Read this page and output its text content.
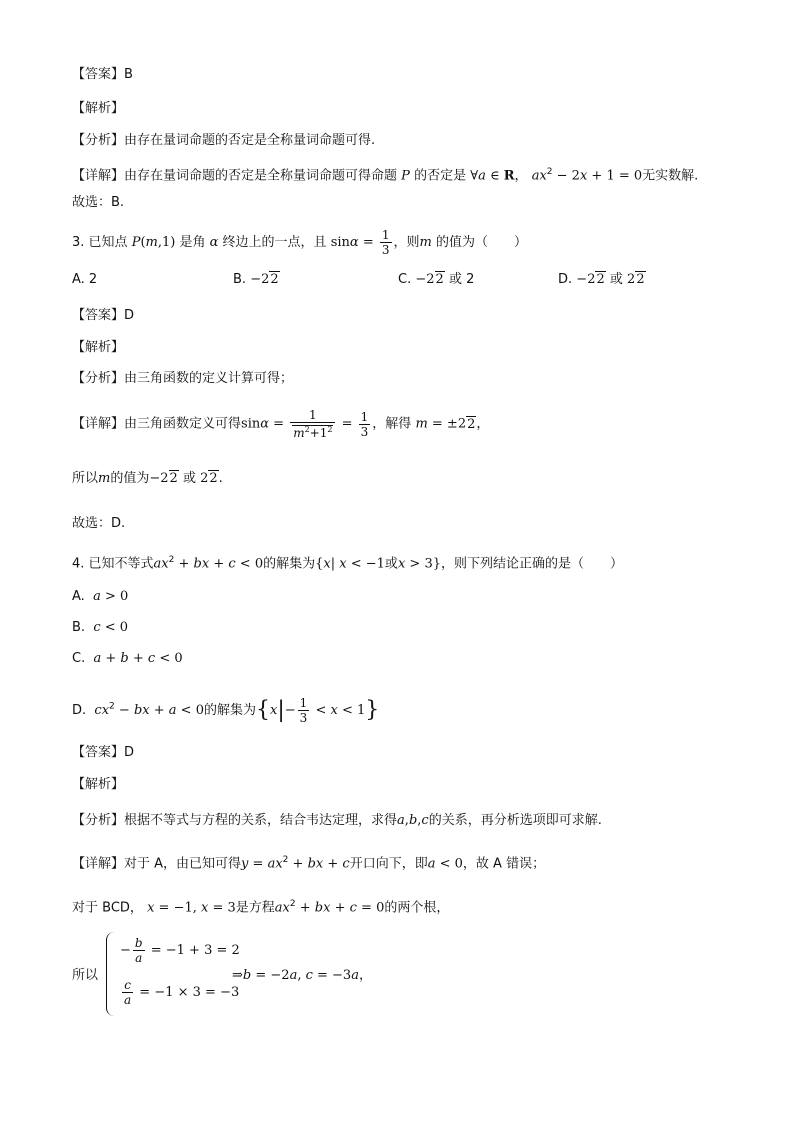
【答案】B
【解析】
【分析】由存在量词命题的否定是全称量词命题可得.
【详解】由存在量词命题的否定是全称量词命题可得命题 P 的否定是 ∀a ∈ R， $ax^2 - 2x + 1 = 0$无实数解.
故选：B.
3. 已知点 P(m,1) 是角 α 终边上的一点，且 $\sin\alpha = \frac{1}{3}$ ，则m 的值为（　　）
A. 2	B. −22	C. −22 或 2	D. −22 或 22
【答案】D
【解析】
【分析】由三角函数的定义计算可得；
【详解】由三角函数定义可得$\sin\alpha = \frac{1}{m^2+1^2} = \frac{1}{3}$ ，解得 m = ±22，
所以m的值为−22 或 22.
故选：D.
4. 已知不等式$ax^2$ + bx + c < 0的解集为{x| x < −1或x > 3}，则下列结论正确的是（　　）
A. a > 0
B. c < 0
C. a + b + c < 0
D. $cx^2$ − bx + a < 0的解集为$\{x|- \frac{1}{3} < x < 1\}$
【答案】D
【解析】
【分析】根据不等式与方程的关系，结合韦达定理，求得a,b,c的关系，再分析选项即可求解.
【详解】对于 A，由已知可得$y = ax^2$ + bx + c开口向下，即a < 0，故 A 错误；
对于 BCD， x = −1, x = 3是方程$ax^2$ + bx + c = 0的两个根，
所以
− $\frac{b}{a} = -1 + 3 = 2$
$\frac{c}{a} = -1 \times 3 = -3$
⇒b = −2a, c = −3a，
